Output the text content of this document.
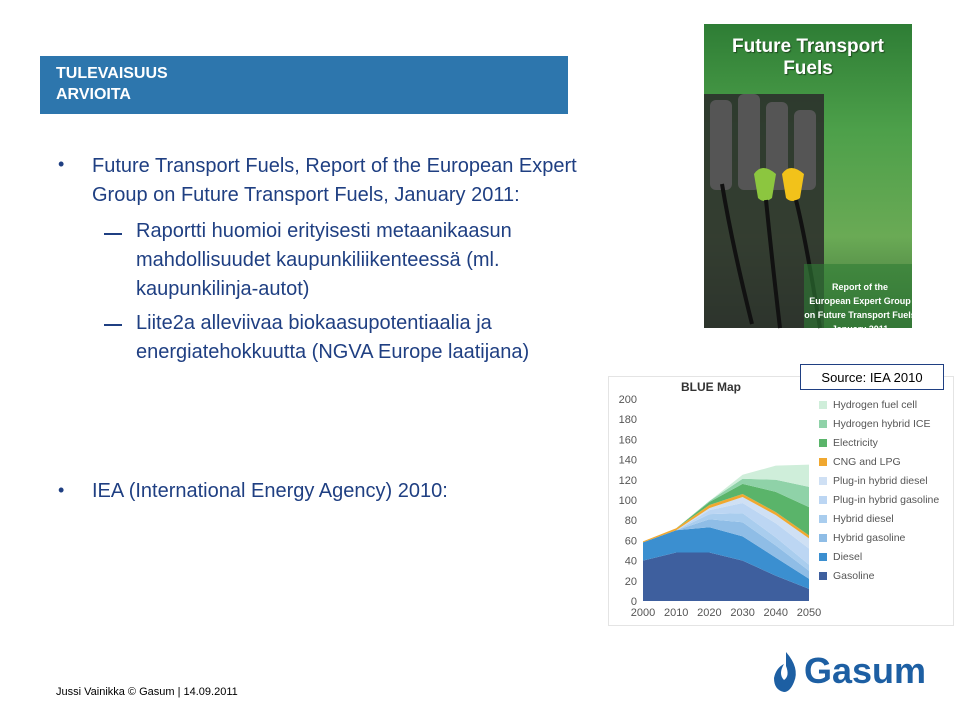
TULEVAISUUS
ARVIOITA
• Future Transport Fuels, Report of the European Expert
Group on Future Transport Fuels, January 2011:
Raportti huomioi erityisesti metaanikaasun
mahdollisuudet kaupunkiliikenteessä (ml.
kaupunkilinja-autot)
Liite2a alleviivaa biokaasupotentiaalia ja
energiatehokkuutta (NGVA Europe laatijana)
• IEA (International Energy Agency) 2010:
Future Transport Fuels
Report of the
European Expert Group
on Future Transport Fuels
January 2011
BLUE Map
0
20
40
60
80
100
120
140
160
180
200
2000 2010 2020 2030 2040 2050
Hydrogen fuel cell
Hydrogen hybrid ICE
Electricity
CNG and LPG
Plug-in hybrid diesel
Plug-in hybrid gasoline
Hybrid diesel
Hybrid gasoline
Diesel
Gasoline
Source: IEA 2010
Jussi Vainikka © Gasum | 14.09.2011
Gasum
